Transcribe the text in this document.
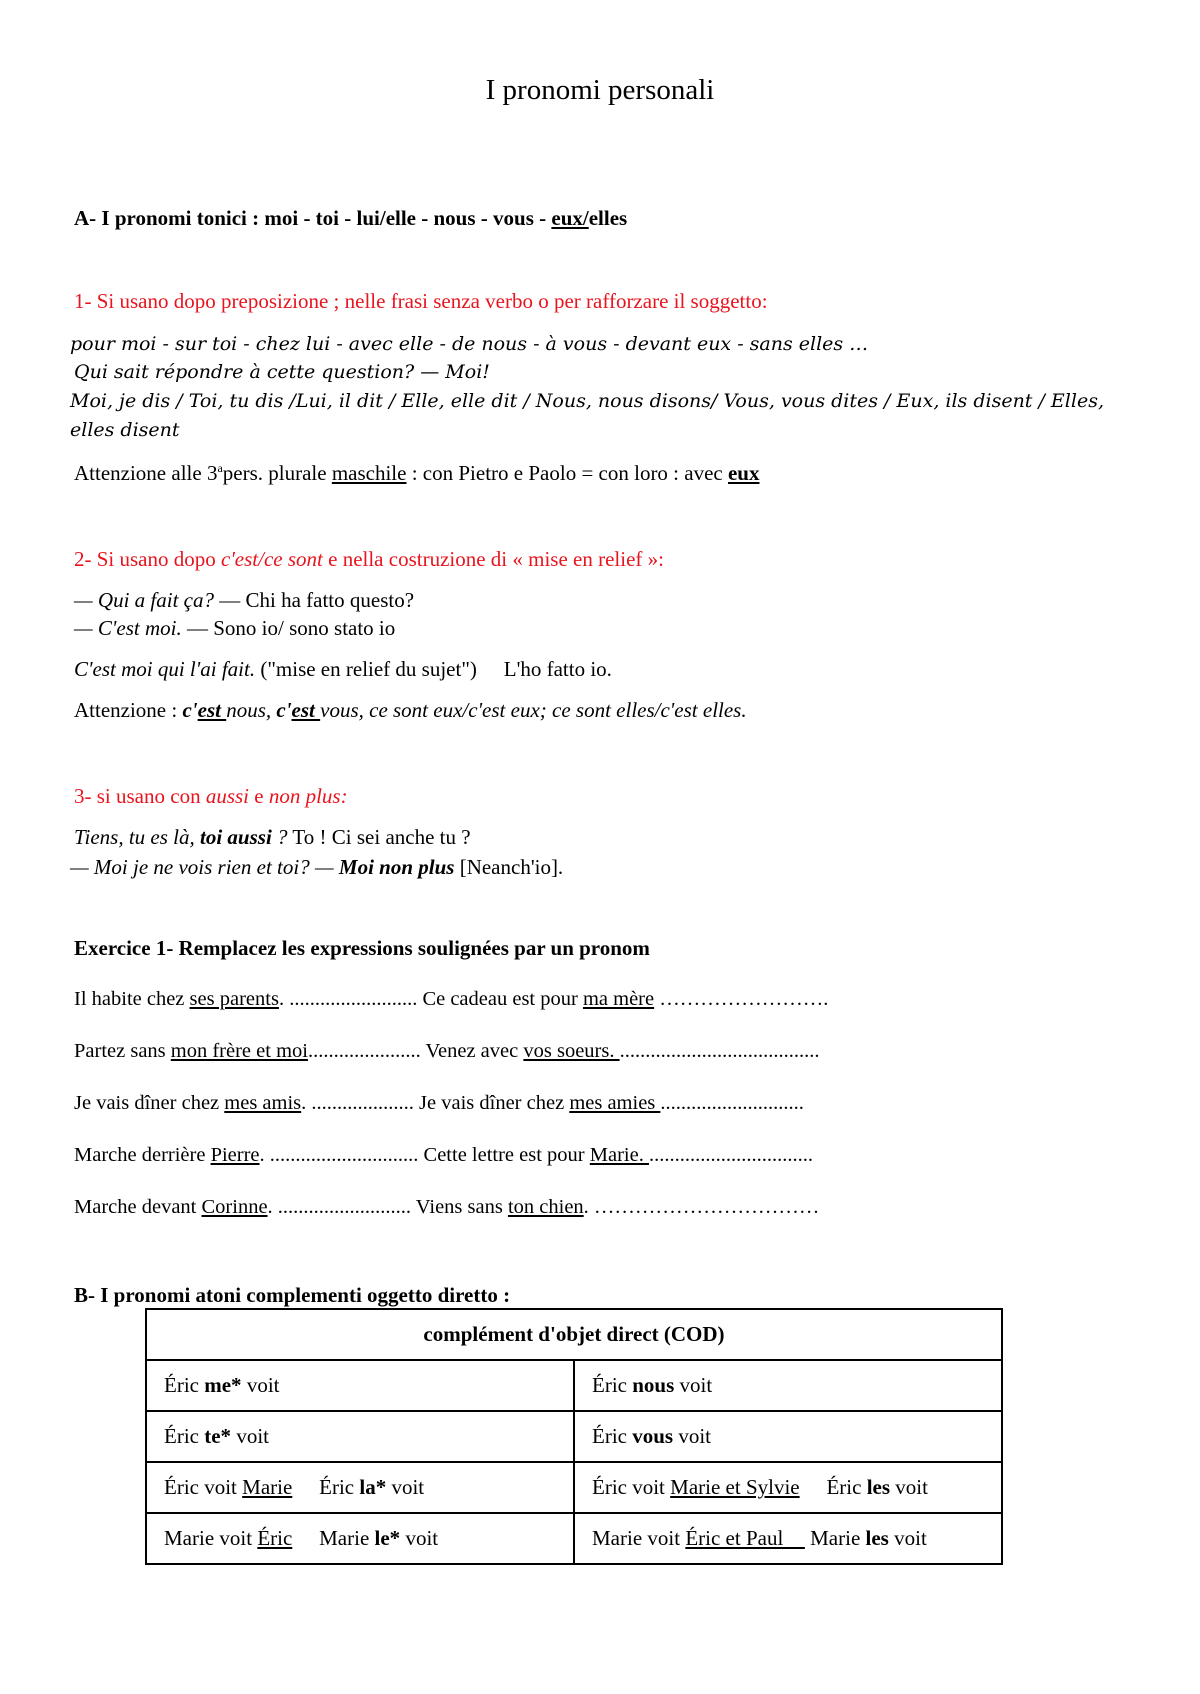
I pronomi personali
A- I pronomi tonici : moi - toi - lui/elle - nous - vous - eux/elles
1- Si usano dopo preposizione ; nelle frasi senza verbo o per rafforzare il soggetto:
pour moi - sur toi - chez lui - avec elle - de nous - à vous - devant eux - sans elles …
Qui sait répondre à cette question? — Moi!
Moi, je dis / Toi, tu dis /Lui, il dit / Elle, elle dit / Nous, nous disons/ Vous, vous dites / Eux, ils disent / Elles,
elles disent
Attenzione alle 3$^a$pers. plurale maschile : con Pietro e Paolo = con loro : avec eux
2- Si usano dopo c'est/ce sont e nella costruzione di « mise en relief »:
— Qui a fait ça? — Chi ha fatto questo?
— C'est moi. — Sono io/ sono stato io
C'est moi qui l'ai fait. ("mise en relief du sujet") ⃞ L'ho fatto io.
Attenzione : c'est nous, c'est vous, ce sont eux/c'est eux; ce sont elles/c'est elles.
3- si usano con aussi e non plus:
Tiens, tu es là, toi aussi ? To ! Ci sei anche tu ?
— Moi je ne vois rien et toi? — Moi non plus [Neanch'io].
Exercice 1- Remplacez les expressions soulignées par un pronom
Il habite chez ses parents. ......................... Ce cadeau est pour ma mère …………………….
Partez sans mon frère et moi...................... Venez avec vos soeurs. .......................................
Je vais dîner chez mes amis. .................... Je vais dîner chez mes amies ............................
Marche derrière Pierre. ............................. Cette lettre est pour Marie. ................................
Marche devant Corinne. .......................... Viens sans ton chien. ……………………………
B- I pronomi atoni complementi oggetto diretto :
complément d'objet direct (COD)	
Éric me* voit	Éric nous voit
Éric te* voit	Éric vous voit
Éric voit Marie ⃞ Éric la* voit	Éric voit Marie et Sylvie ⃞ Éric les voit
Marie voit Éric ⃞ Marie le* voit	Marie voit Éric et Paul ⃞ Marie les voit
